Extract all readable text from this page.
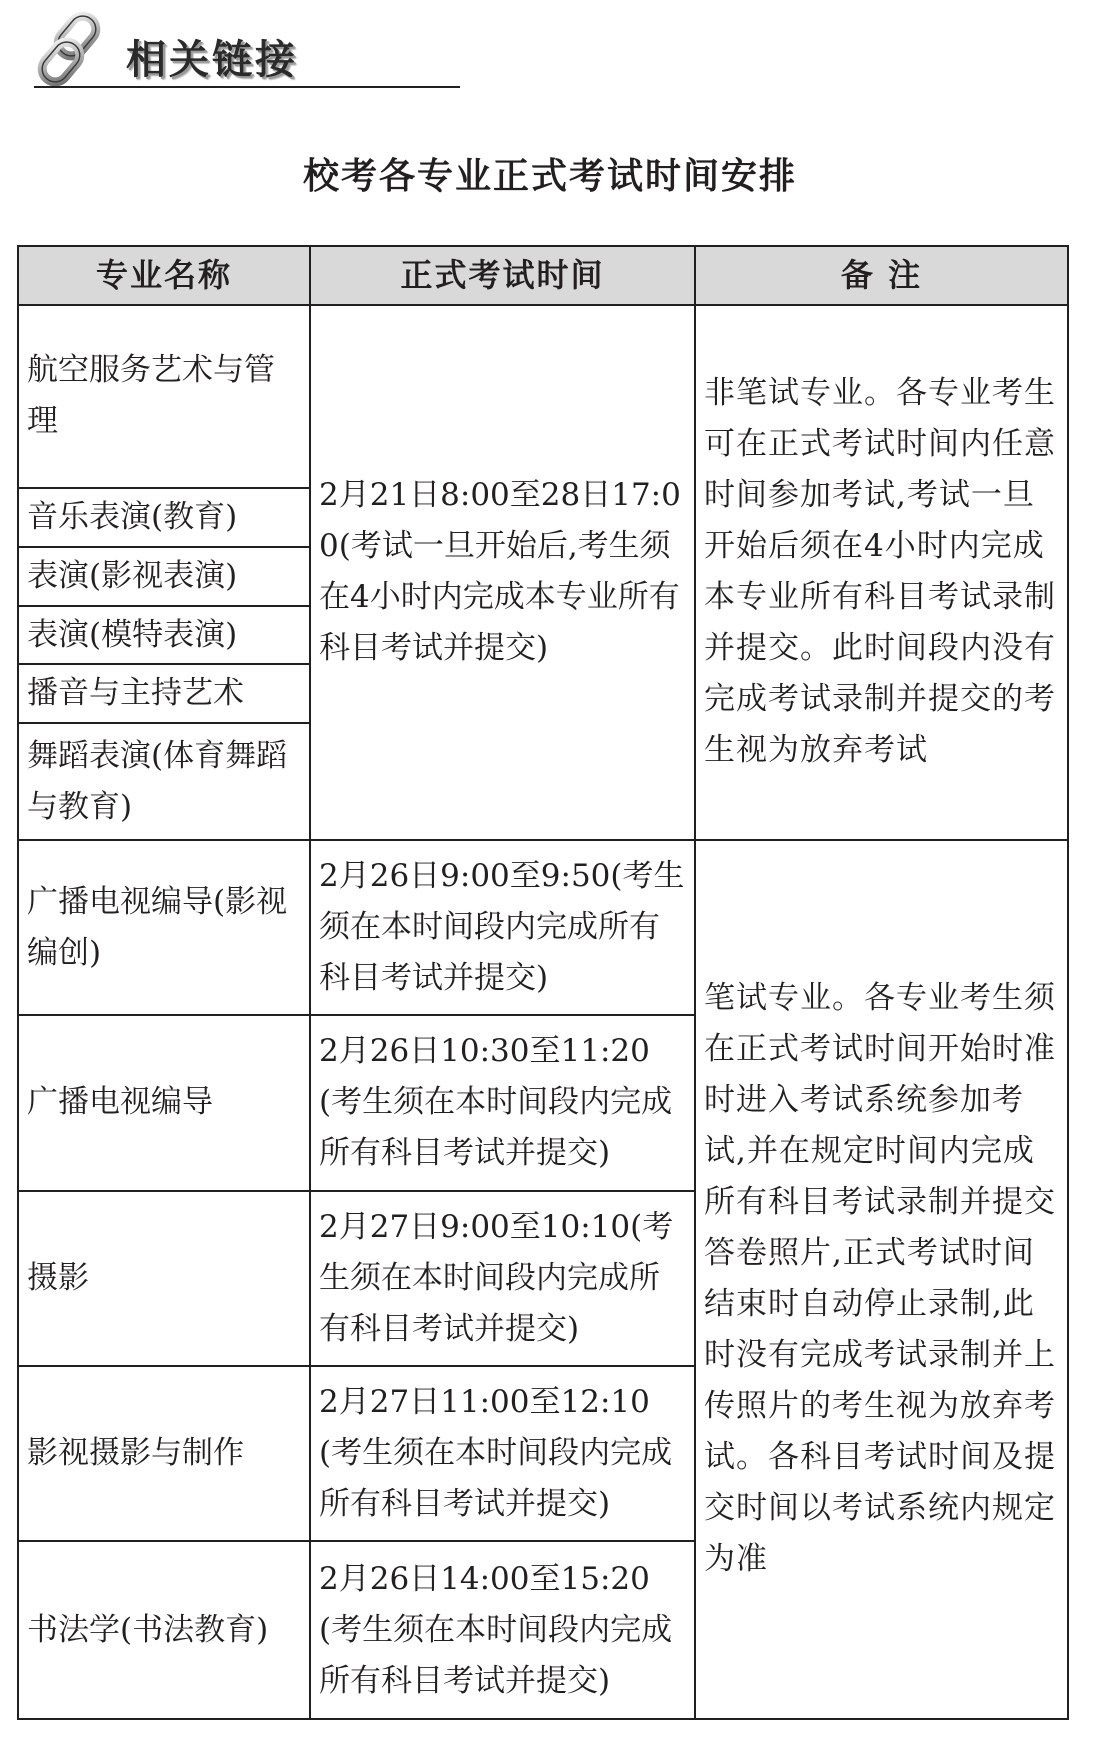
相关链接
校考各专业正式考试时间安排
专业名称	正式考试时间	备 注
航空服务艺术与管理	2月21日8:00至28日17:00(考试一旦开始后,考生须在4小时内完成本专业所有科目考试并提交)	非笔试专业。各专业考生可在正式考试时间内任意时间参加考试,考试一旦开始后须在4小时内完成本专业所有科目考试录制并提交。此时间段内没有完成考试录制并提交的考生视为放弃考试
音乐表演(教育)		
表演(影视表演)		
表演(模特表演)		
播音与主持艺术		
舞蹈表演(体育舞蹈与教育)		
广播电视编导(影视编创)	2月26日9:00至9:50(考生须在本时间段内完成所有科目考试并提交)	笔试专业。各专业考生须在正式考试时间开始时准时进入考试系统参加考试,并在规定时间内完成所有科目考试录制并提交答卷照片,正式考试时间结束时自动停止录制,此时没有完成考试录制并上传照片的考生视为放弃考试。各科目考试时间及提交时间以考试系统内规定为准
广播电视编导	2月26日10:30至11:20(考生须在本时间段内完成所有科目考试并提交)	
摄影	2月27日9:00至10:10(考生须在本时间段内完成所有科目考试并提交)	
影视摄影与制作	2月27日11:00至12:10(考生须在本时间段内完成所有科目考试并提交)	
书法学(书法教育)	2月26日14:00至15:20(考生须在本时间段内完成所有科目考试并提交)	
